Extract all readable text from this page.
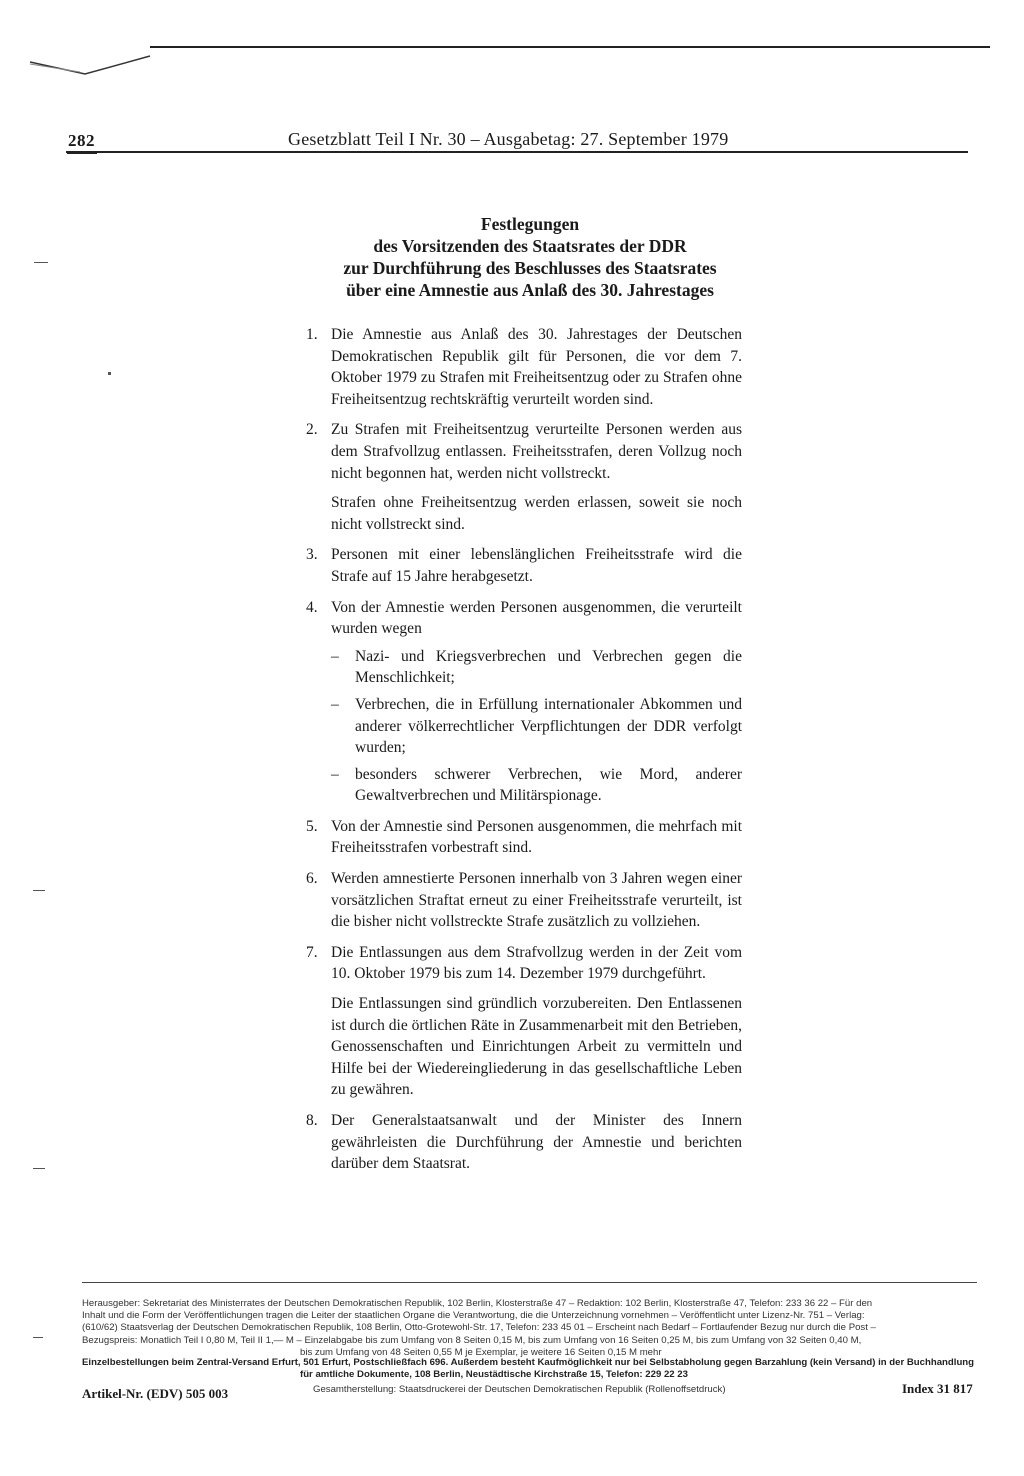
282	Gesetzblatt Teil I Nr. 30 – Ausgabetag: 27. September 1979
Festlegungen
des Vorsitzenden des Staatsrates der DDR
zur Durchführung des Beschlusses des Staatsrates
über eine Amnestie aus Anlaß des 30. Jahrestages
1. Die Amnestie aus Anlaß des 30. Jahrestages der Deutschen Demokratischen Republik gilt für Personen, die vor dem 7. Oktober 1979 zu Strafen mit Freiheitsentzug oder zu Strafen ohne Freiheitsentzug rechtskräftig verurteilt worden sind.

2. Zu Strafen mit Freiheitsentzug verurteilte Personen werden aus dem Strafvollzug entlassen. Freiheitsstrafen, deren Vollzug noch nicht begonnen hat, werden nicht vollstreckt.

Strafen ohne Freiheitsentzug werden erlassen, soweit sie noch nicht vollstreckt sind.

3. Personen mit einer lebenslänglichen Freiheitsstrafe wird die Strafe auf 15 Jahre herabgesetzt.

4. Von der Amnestie werden Personen ausgenommen, die verurteilt wurden wegen

– Nazi- und Kriegsverbrechen und Verbrechen gegen die Menschlichkeit;
– Verbrechen, die in Erfüllung internationaler Abkommen und anderer völkerrechtlicher Verpflichtungen der DDR verfolgt wurden;
– besonders schwerer Verbrechen, wie Mord, anderer Gewaltverbrechen und Militärspionage.
5. Von der Amnestie sind Personen ausgenommen, die mehrfach mit Freiheitsstrafen vorbestraft sind.

6. Werden amnestierte Personen innerhalb von 3 Jahren wegen einer vorsätzlichen Straftat erneut zu einer Freiheitsstrafe verurteilt, ist die bisher nicht vollstreckte Strafe zusätzlich zu vollziehen.

7. Die Entlassungen aus dem Strafvollzug werden in der Zeit vom 10. Oktober 1979 bis zum 14. Dezember 1979 durchgeführt.

Die Entlassungen sind gründlich vorzubereiten. Den Entlassenen ist durch die örtlichen Räte in Zusammenarbeit mit den Betrieben, Genossenschaften und Einrichtungen Arbeit zu vermitteln und Hilfe bei der Wiedereingliederung in das gesellschaftliche Leben zu gewähren.

8. Der Generalstaatsanwalt und der Minister des Innern gewährleisten die Durchführung der Amnestie und berichten darüber dem Staatsrat.

Herausgeber: Sekretariat des Ministerrates der Deutschen Demokratischen Republik, 102 Berlin, Klosterstraße 47 – Redaktion: 102 Berlin, Klosterstraße 47, Telefon: 233 36 22 – Für den
Inhalt und die Form der Veröffentlichungen tragen die Leiter der staatlichen Organe die Verantwortung, die die Unterzeichnung vornehmen – Veröffentlicht unter Lizenz-Nr. 751 – Verlag:
(610/62) Staatsverlag der Deutschen Demokratischen Republik, 108 Berlin, Otto-Grotewohl-Str. 17, Telefon: 233 45 01 – Erscheint nach Bedarf – Fortlaufender Bezug nur durch die Post –
Bezugspreis: Monatlich Teil I 0,80 M, Teil II 1,— M – Einzelabgabe bis zum Umfang von 8 Seiten 0,15 M, bis zum Umfang von 16 Seiten 0,25 M, bis zum Umfang von 32 Seiten 0,40 M,
bis zum Umfang von 48 Seiten 0,55 M je Exemplar, je weitere 16 Seiten 0,15 M mehr
Einzelbestellungen beim Zentral-Versand Erfurt, 501 Erfurt, Postschließfach 696. Außerdem besteht Kaufmöglichkeit nur bei Selbstabholung gegen Barzahlung (kein Versand) in der Buchhandlung
für amtliche Dokumente, 108 Berlin, Neustädtische Kirchstraße 15, Telefon: 229 22 23
Artikel-Nr. (EDV) 505 003	Gesamtherstellung: Staatsdruckerei der Deutschen Demokratischen Republik (Rollenoffsetdruck)	Index 31 817
